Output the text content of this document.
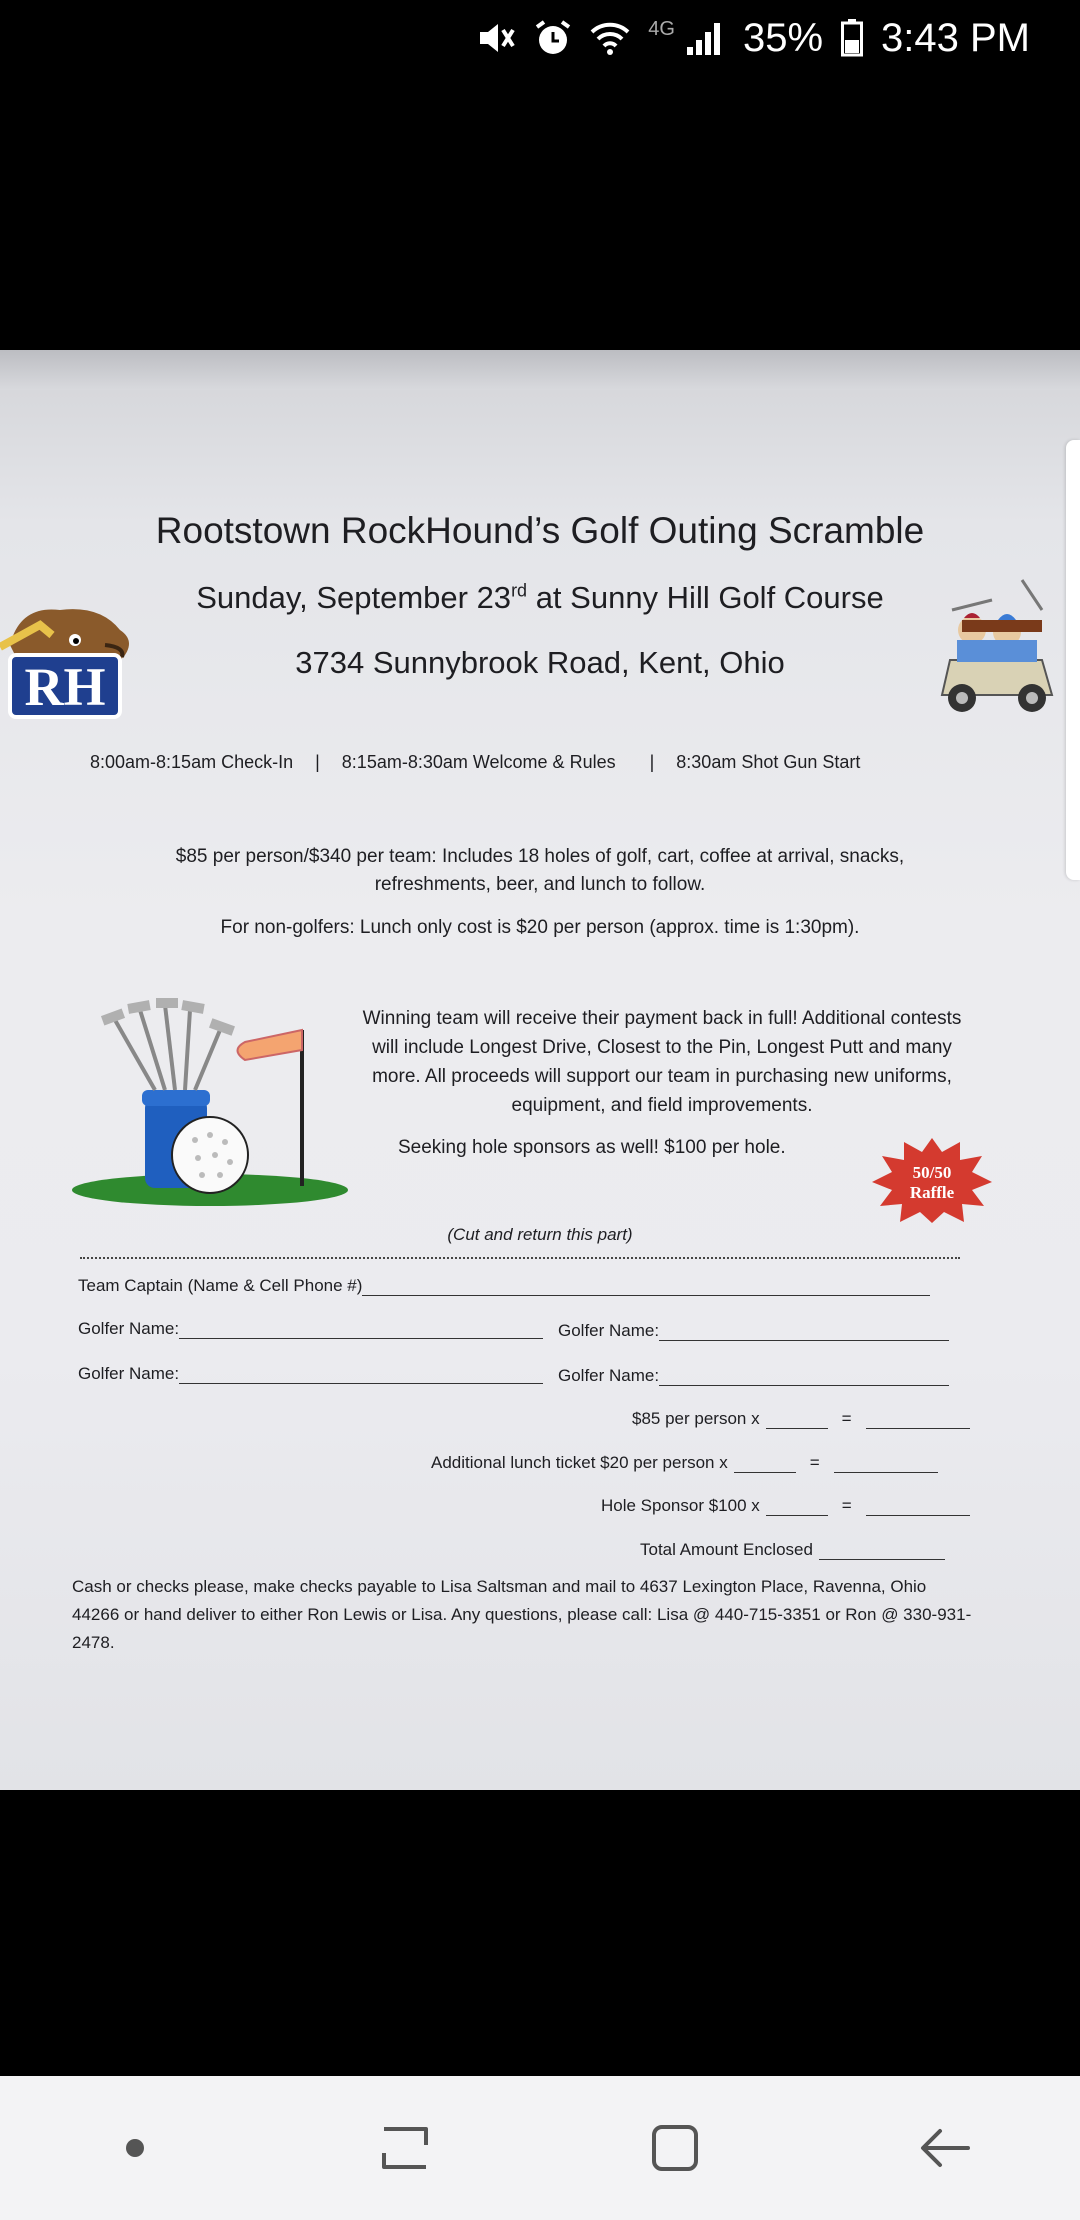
4G 35% 3:43 PM
RH
Rootstown RockHound’s Golf Outing Scramble
Sunday, September 23rd at Sunny Hill Golf Course
3734 Sunnybrook Road, Kent, Ohio
8:00am-8:15am Check-In | 8:15am-8:30am Welcome & Rules | 8:30am Shot Gun Start
$85 per person/$340 per team: Includes 18 holes of golf, cart, coffee at arrival, snacks, refreshments, beer, and lunch to follow.
For non-golfers: Lunch only cost is $20 per person (approx. time is 1:30pm).
Winning team will receive their payment back in full! Additional contests will include Longest Drive, Closest to the Pin, Longest Putt and many more. All proceeds will support our team in purchasing new uniforms, equipment, and field improvements.
Seeking hole sponsors as well! $100 per hole.
50/50
Raffle
(Cut and return this part)
Team Captain (Name & Cell Phone #)
Golfer Name:	Golfer Name:
Golfer Name:	Golfer Name:
$85 per person x	=
Additional lunch ticket $20 per person x	=
Hole Sponsor $100 x	=
Total Amount Enclosed
Cash or checks please, make checks payable to Lisa Saltsman and mail to 4637 Lexington Place, Ravenna, Ohio 44266 or hand deliver to either Ron Lewis or Lisa. Any questions, please call: Lisa @ 440-715-3351 or Ron @ 330-931-2478.
